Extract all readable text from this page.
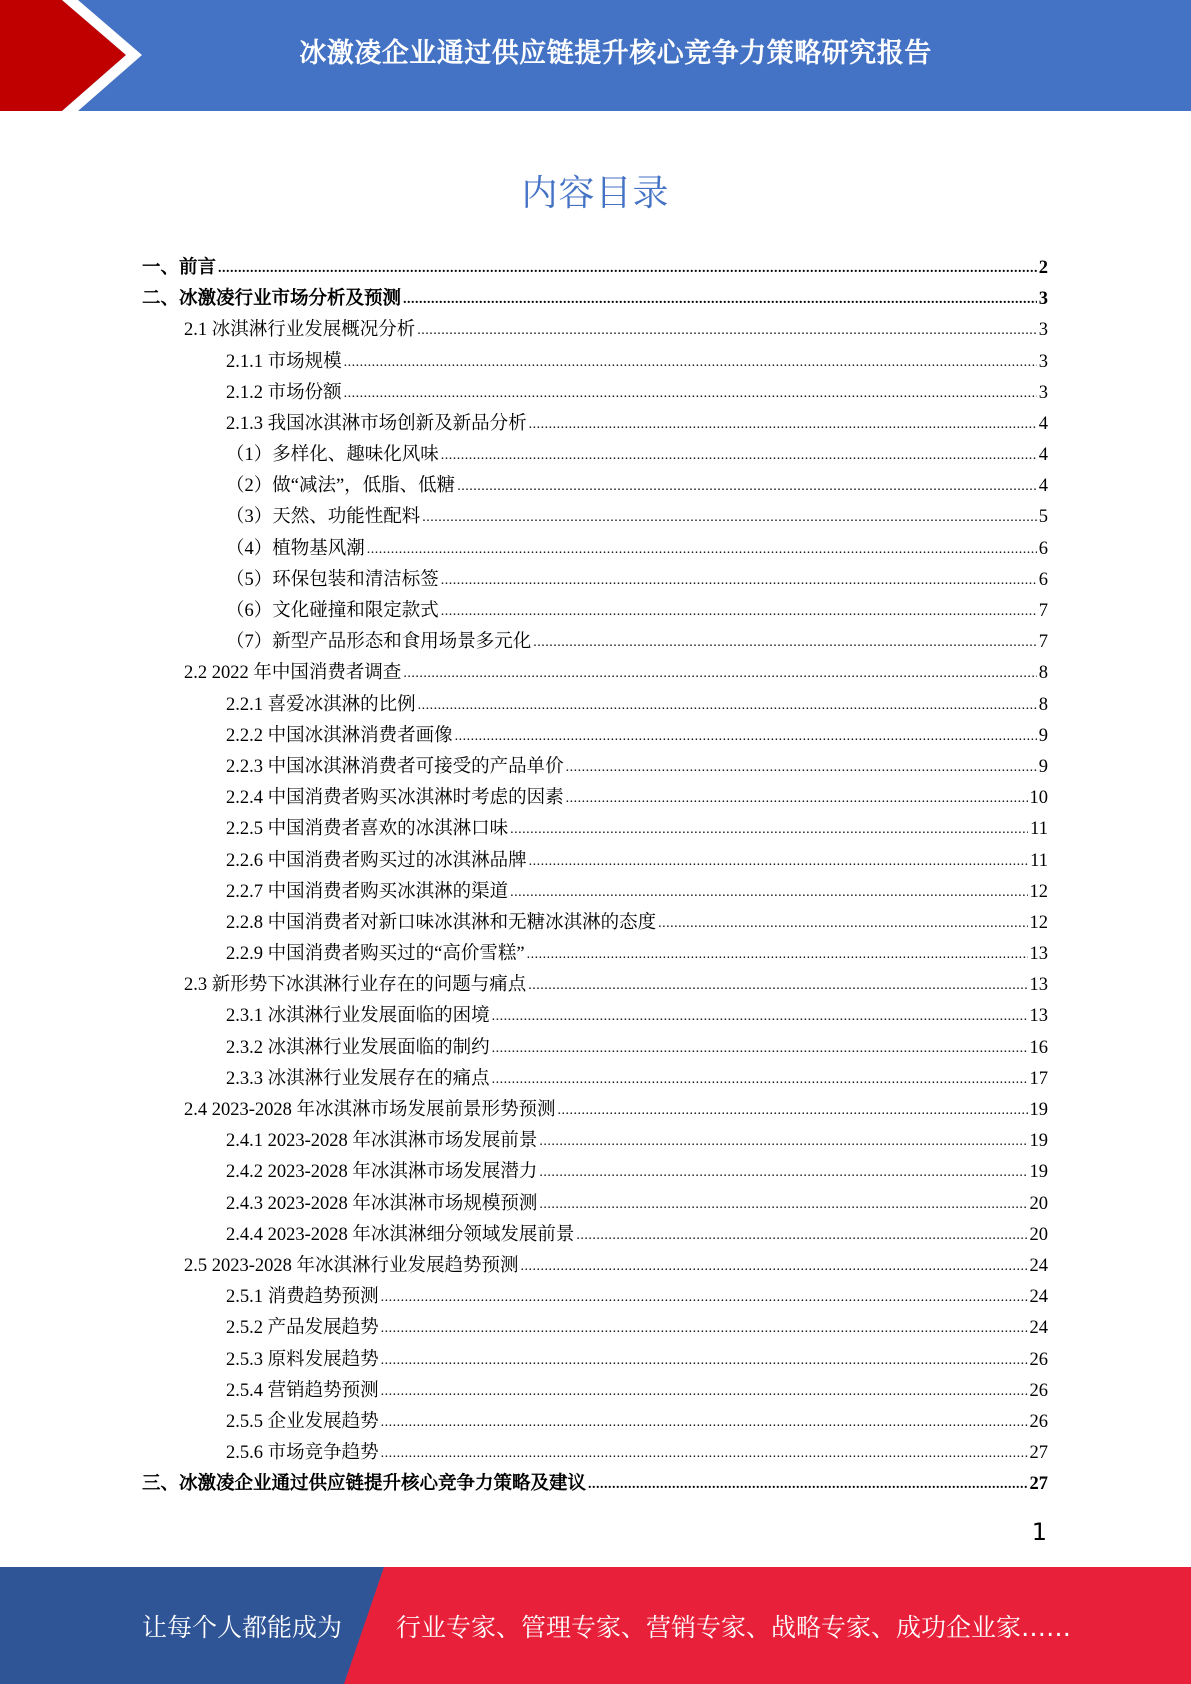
冰激凌企业通过供应链提升核心竞争力策略研究报告
内容目录
一、前言 .....	2
二、冰激凌行业市场分析及预测 .....	3
2.1 冰淇淋行业发展概况分析 .....	3
2.1.1 市场规模 .....	3
2.1.2 市场份额 .....	3
2.1.3 我国冰淇淋市场创新及新品分析 .....	4
（1）多样化、趣味化风味 .....	4
（2）做“减法”，低脂、低糖 .....	4
（3）天然、功能性配料 .....	5
（4）植物基风潮 .....	6
（5）环保包装和清洁标签 .....	6
（6）文化碰撞和限定款式 .....	7
（7）新型产品形态和食用场景多元化 .....	7
2.2 2022 年中国消费者调查 .....	8
2.2.1 喜爱冰淇淋的比例 .....	8
2.2.2 中国冰淇淋消费者画像 .....	9
2.2.3 中国冰淇淋消费者可接受的产品单价 .....	9
2.2.4 中国消费者购买冰淇淋时考虑的因素 .....	10
2.2.5 中国消费者喜欢的冰淇淋口味 .....	11
2.2.6 中国消费者购买过的冰淇淋品牌 .....	11
2.2.7 中国消费者购买冰淇淋的渠道 .....	12
2.2.8 中国消费者对新口味冰淇淋和无糖冰淇淋的态度 .....	12
2.2.9 中国消费者购买过的“高价雪糕” .....	13
2.3 新形势下冰淇淋行业存在的问题与痛点 .....	13
2.3.1 冰淇淋行业发展面临的困境 .....	13
2.3.2 冰淇淋行业发展面临的制约 .....	16
2.3.3 冰淇淋行业发展存在的痛点 .....	17
2.4 2023-2028 年冰淇淋市场发展前景形势预测 .....	19
2.4.1 2023-2028 年冰淇淋市场发展前景 .....	19
2.4.2 2023-2028 年冰淇淋市场发展潜力 .....	19
2.4.3 2023-2028 年冰淇淋市场规模预测 .....	20
2.4.4 2023-2028 年冰淇淋细分领域发展前景 .....	20
2.5 2023-2028 年冰淇淋行业发展趋势预测 .....	24
2.5.1 消费趋势预测 .....	24
2.5.2 产品发展趋势 .....	24
2.5.3 原料发展趋势 .....	26
2.5.4 营销趋势预测 .....	26
2.5.5 企业发展趋势 .....	26
2.5.6 市场竞争趋势 .....	27
三、冰激凌企业通过供应链提升核心竞争力策略及建议 .....	27
1
让每个人都能成为 行业专家、管理专家、营销专家、战略专家、成功企业家……
